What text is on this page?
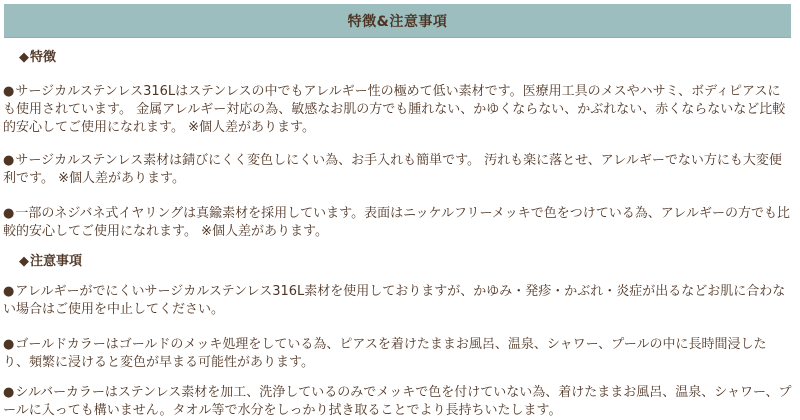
特徴&注意事項
◆特徴

●サージカルステンレス316Lはステンレスの中でもアレルギー性の極めて低い素材です。医療用工具のメスやハサミ、ボディピアスにも使用されています。 金属アレルギー対応の為、敏感なお肌の方でも腫れない、かゆくならない、かぶれない、赤くならないなど比較的安心してご使用になれます。 ※個人差があります。

●サージカルステンレス素材は錆びにくく変色しにくい為、お手入れも簡単です。 汚れも楽に落とせ、アレルギーでない方にも大変便利です。 ※個人差があります。

●一部のネジバネ式イヤリングは真鍮素材を採用しています。表面はニッケルフリーメッキで色をつけている為、アレルギーの方でも比較的安心してご使用になれます。 ※個人差があります。

◆注意事項

●アレルギーがでにくいサージカルステンレス316L素材を使用しておりますが、かゆみ・発疹・かぶれ・炎症が出るなどお肌に合わない場合はご使用を中止してください。

●ゴールドカラーはゴールドのメッキ処理をしている為、ピアスを着けたままお風呂、温泉、シャワー、プールの中に長時間浸したり、頻繁に浸けると変色が早まる可能性があります。

●シルバーカラーはステンレス素材を加工、洗浄しているのみでメッキで色を付けていない為、着けたままお風呂、温泉、シャワー、プールに入っても構いません。タオル等で水分をしっかり拭き取ることでより長持ちいたします。
